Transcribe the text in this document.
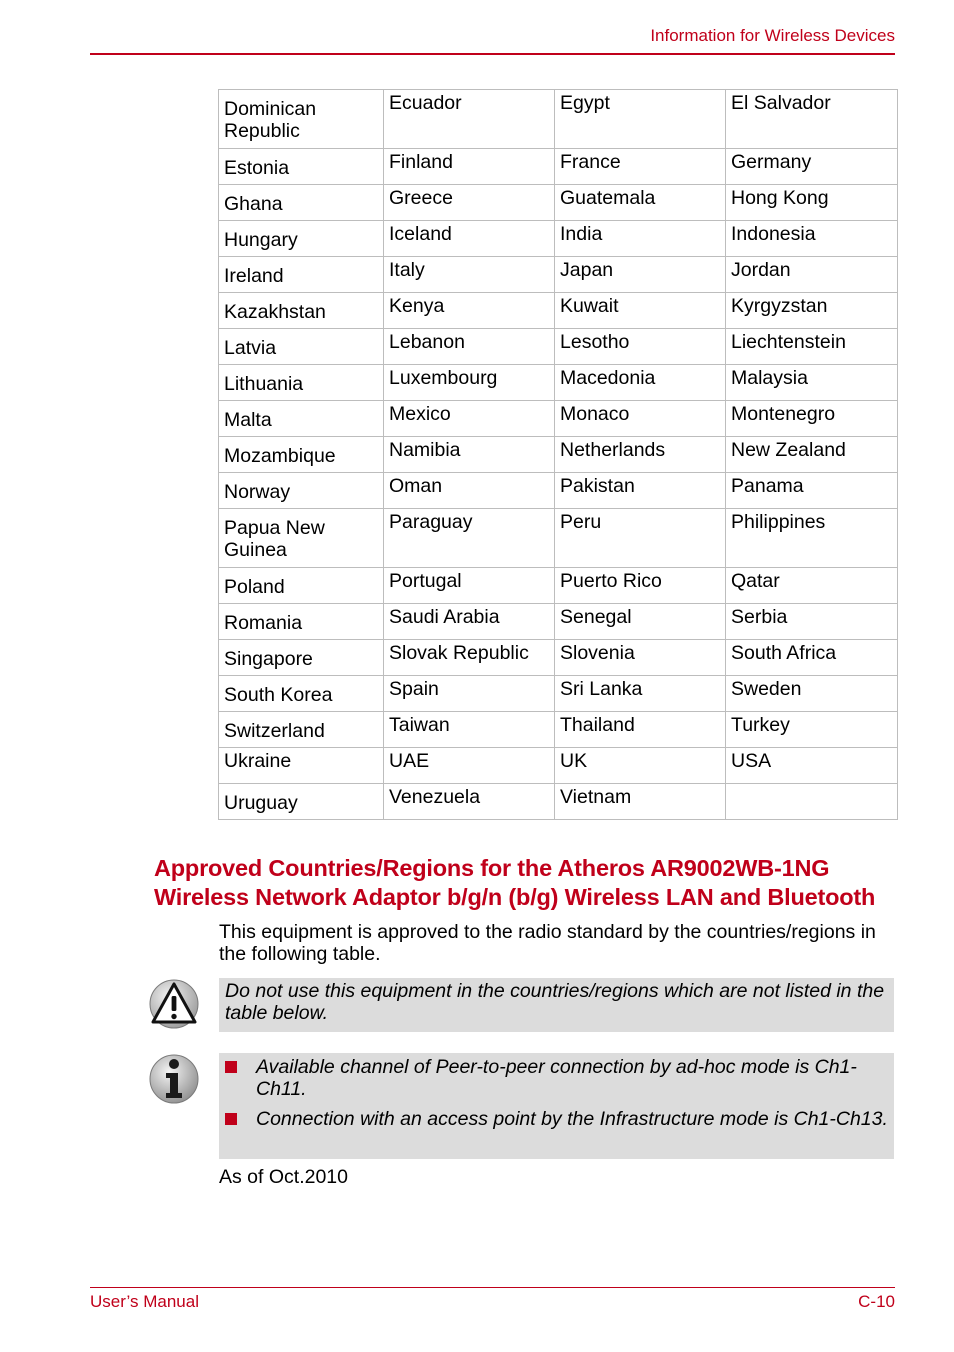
Information for Wireless Devices
Dominican Republic	Ecuador	Egypt	El Salvador
Estonia	Finland	France	Germany
Ghana	Greece	Guatemala	Hong Kong
Hungary	Iceland	India	Indonesia
Ireland	Italy	Japan	Jordan
Kazakhstan	Kenya	Kuwait	Kyrgyzstan
Latvia	Lebanon	Lesotho	Liechtenstein
Lithuania	Luxembourg	Macedonia	Malaysia
Malta	Mexico	Monaco	Montenegro
Mozambique	Namibia	Netherlands	New Zealand
Norway	Oman	Pakistan	Panama
Papua New Guinea	Paraguay	Peru	Philippines
Poland	Portugal	Puerto Rico	Qatar
Romania	Saudi Arabia	Senegal	Serbia
Singapore	Slovak Republic	Slovenia	South Africa
South Korea	Spain	Sri Lanka	Sweden
Switzerland	Taiwan	Thailand	Turkey
Ukraine	UAE	UK	USA
Uruguay	Venezuela	Vietnam	
Approved Countries/Regions for the Atheros AR9002WB-1NG
Wireless Network Adaptor b/g/n (b/g) Wireless LAN and Bluetooth
This equipment is approved to the radio standard by the countries/regions in the following table.
Do not use this equipment in the countries/regions which are not listed in the table below.
Available channel of Peer-to-peer connection by ad-hoc mode is Ch1-Ch11.
Connection with an access point by the Infrastructure mode is Ch1-Ch13.
As of Oct.2010
User’s Manual	C-10
